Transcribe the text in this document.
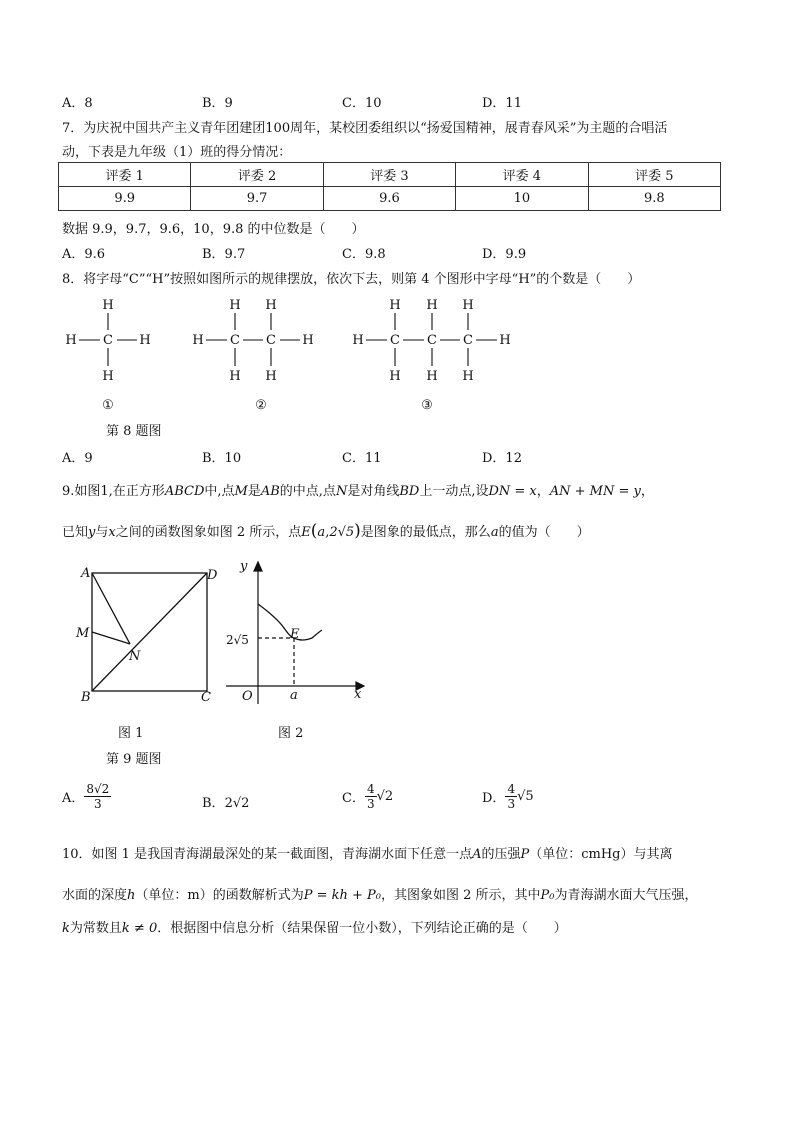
A．8	B．9	C．10	D．11
7．为庆祝中国共产主义青年团建团100周年，某校团委组织以“扬爱国精神，展青春风采”为主题的合唱活
动，下表是九年级（1）班的得分情况：
评委 1	评委 2	评委 3	评委 4	评委 5
9.9	9.7	9.6	10	9.8
数据 9.9，9.7，9.6，10，9.8 的中位数是（　　）
A．9.6	B．9.7	C．9.8	D．9.9
8．将字母“C”“H”按照如图所示的规律摆放，依次下去，则第 4 个图形中字母“H”的个数是（　　）
H
H C H
H
H H
H C C H
H H
H H H
H C C C H
H H H
①	②	③
第 8 题图
A．9	B．10	C．11	D．12
9.如图1,在正方形ABCD中,点M是AB的中点,点N是对角线BD上一动点,设DN = x，AN + MN = y，
已知y与x之间的函数图象如图 2 所示，点E(a,2√5)是图象的最低点，那么a的值为（　　）
A
B	C
D
M
N
y
x
O
E
a
2√5
图 1	图 2
第 9 题图
A． $\frac{8√2}{3}$	B．2√2	C． $\frac{4}{3} √2$	D． $\frac{4}{3} √5$
10．如图 1 是我国青海湖最深处的某一截面图，青海湖水面下任意一点A的压强P（单位：cmHg）与其离
水面的深度h（单位：m）的函数解析式为P = kh + P₀，其图象如图 2 所示，其中P₀为青海湖水面大气压强，
k为常数且k ≠ 0．根据图中信息分析（结果保留一位小数），下列结论正确的是（　　）
